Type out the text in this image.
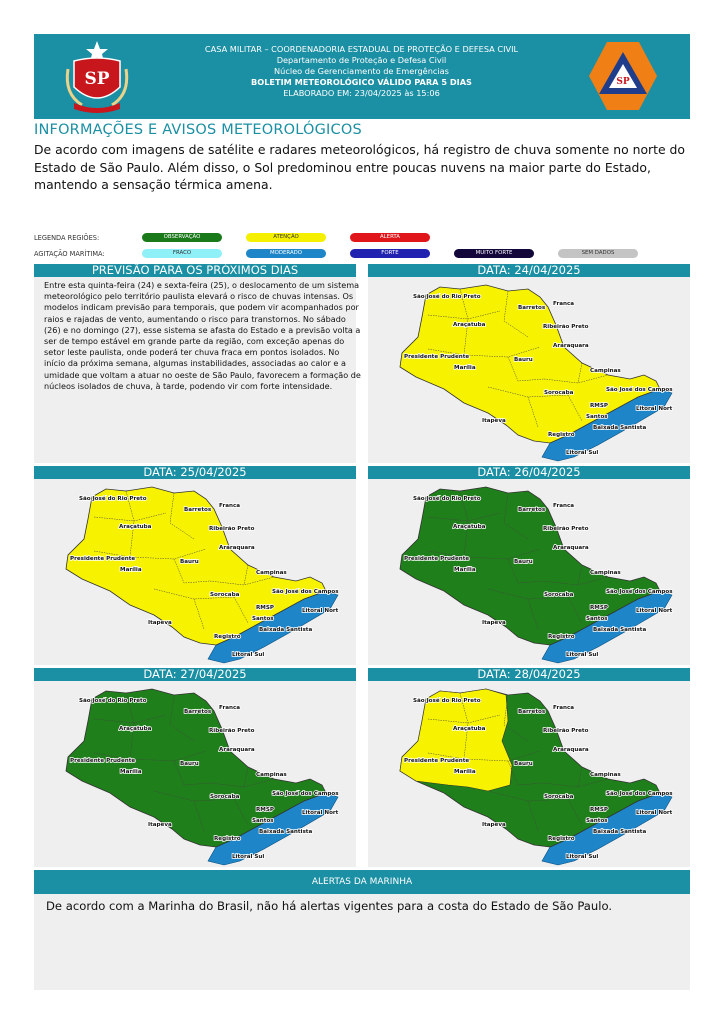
SP
CASA MILITAR – COORDENADORIA ESTADUAL DE PROTEÇÃO E DEFESA CIVIL
Departamento de Proteção e Defesa Civil
Núcleo de Gerenciamento de Emergências
BOLETIM METEOROLÓGICO VÁLIDO PARA 5 DIAS
ELABORADO EM: 23/04/2025 às 15:06
SP
INFORMAÇÕES E AVISOS METEOROLÓGICOS
De acordo com imagens de satélite e radares meteorológicos, há registro de chuva somente no norte do Estado de São Paulo. Além disso, o Sol predominou entre poucas nuvens na maior parte do Estado, mantendo a sensação térmica amena.
LEGENDA REGIÕES:	OBSERVAÇÃO	ATENÇÃO	ALERTA
AGITAÇÃO MARÍTIMA:	FRACO	MODERADO	FORTE	MUITO FORTE	SEM DADOS
PREVISÃO PARA OS PRÓXIMOS DIAS
Entre esta quinta-feira (24) e sexta-feira (25), o deslocamento de um sistema meteorológico pelo território paulista elevará o risco de chuvas intensas. Os modelos indicam previsão para temporais, que podem vir acompanhados por raios e rajadas de vento, aumentando o risco para transtornos. No sábado (26) e no domingo (27), esse sistema se afasta do Estado e a previsão volta a ser de tempo estável em grande parte da região, com exceção apenas do setor leste paulista, onde poderá ter chuva fraca em pontos isolados. No início da próxima semana, algumas instabilidades, associadas ao calor e a umidade que voltam a atuar no oeste de São Paulo, favorecem a formação de núcleos isolados de chuva, à tarde, podendo vir com forte intensidade.
DATA: 24/04/2025
São José do Rio Preto
Franca
Barretos
Araçatuba	Ribeirão Preto
Araraquara
Presidente Prudente	Bauru
Marília	Campinas
São José dos Campos
Sorocaba
RMSP	Litoral Nort
Santos
Itapeva
Baixada Santista
Registro
Litoral Sul
DATA: 25/04/2025
São José do Rio Preto
Franca
Barretos
Araçatuba	Ribeirão Preto
Araraquara
Presidente Prudente	Bauru
Marília	Campinas
São José dos Campos
Sorocaba
RMSP	Litoral Nort
Santos
Itapeva
Baixada Santista
Registro
Litoral Sul
DATA: 26/04/2025
São José do Rio Preto
Franca
Barretos
Araçatuba	Ribeirão Preto
Araraquara
Presidente Prudente	Bauru
Marília	Campinas
São José dos Campos
Sorocaba
RMSP	Litoral Nort
Santos
Itapeva
Baixada Santista
Registro
Litoral Sul
DATA: 27/04/2025
São José do Rio Preto
Franca
Barretos
Araçatuba	Ribeirão Preto
Araraquara
Presidente Prudente	Bauru
Marília	Campinas
São José dos Campos
Sorocaba
RMSP	Litoral Nort
Santos
Itapeva
Baixada Santista
Registro
Litoral Sul
DATA: 28/04/2025
São José do Rio Preto
Franca
Barretos
Araçatuba	Ribeirão Preto
Araraquara
Presidente Prudente	Bauru
Marília	Campinas
São José dos Campos
Sorocaba
RMSP	Litoral Nort
Santos
Itapeva
Baixada Santista
Registro
Litoral Sul
ALERTAS DA MARINHA
De acordo com a Marinha do Brasil, não há alertas vigentes para a costa do Estado de São Paulo.
